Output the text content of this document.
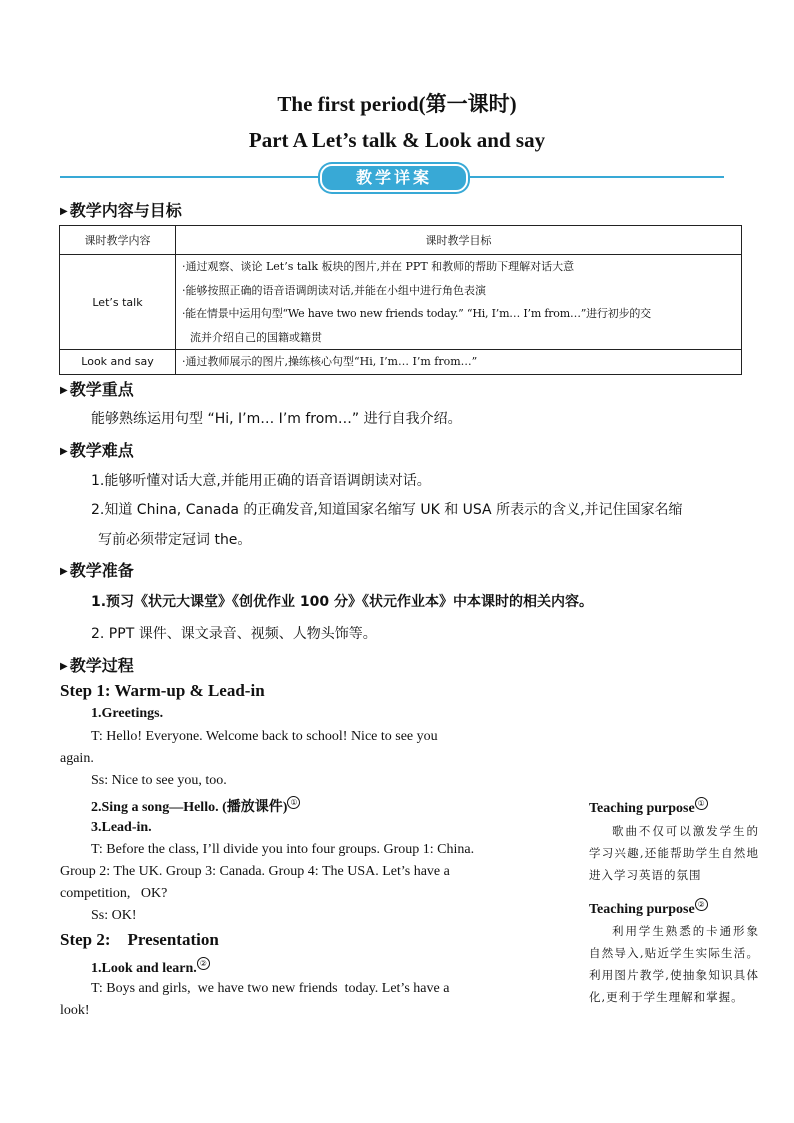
The first period(第一课时)
Part A Let’s talk & Look and say
教学详案
▶ 教学内容与目标
课时教学内容	课时教学目标
Let’s talk	·通过观察、谈论 Let’s talk 板块的图片,并在 PPT 和教师的帮助下理解对话大意
·能够按照正确的语音语调朗读对话,并能在小组中进行角色表演
·能在情景中运用句型“We have two new friends today.” “Hi, I’m… I’m from…”进行初步的交
流并介绍自己的国籍或籍贯

Look and say	·通过教师展示的图片,操练核心句型“Hi, I’m… I’m from…”
▶ 教学重点
能够熟练运用句型 “Hi, I’m… I’m from…” 进行自我介绍。
▶ 教学难点
1.能够听懂对话大意,并能用正确的语音语调朗读对话。
2.知道 China, Canada 的正确发音,知道国家名缩写 UK 和 USA 所表示的含义,并记住国家名缩
写前必须带定冠词 the。
▶ 教学准备
1.预习《状元大课堂》《创优作业 100 分》《状元作业本》中本课时的相关内容。
2. PPT 课件、课文录音、视频、人物头饰等。
▶ 教学过程
Step 1: Warm-up & Lead-in
1.Greetings.
T: Hello! Everyone. Welcome back to school! Nice to see you
again.
Ss: Nice to see you, too.
2.Sing a song—Hello. (播放课件) ①
3.Lead-in.
T: Before the class, I’ll divide you into four groups. Group 1: China.
Group 2: The UK. Group 3: Canada. Group 4: The USA. Let’s have a
competition,   OK?
Ss: OK!
Step 2:    Presentation
1.Look and learn. ②
T: Boys and girls,  we have two new friends  today. Let’s have a
look!
Teaching purpose ①
歌曲不仅可以激发学生的学习兴趣,还能帮助学生自然地进入学习英语的氛围
Teaching purpose ②
利用学生熟悉的卡通形象自然导入,贴近学生实际生活。利用图片教学,使抽象知识具体化,更利于学生理解和掌握。
